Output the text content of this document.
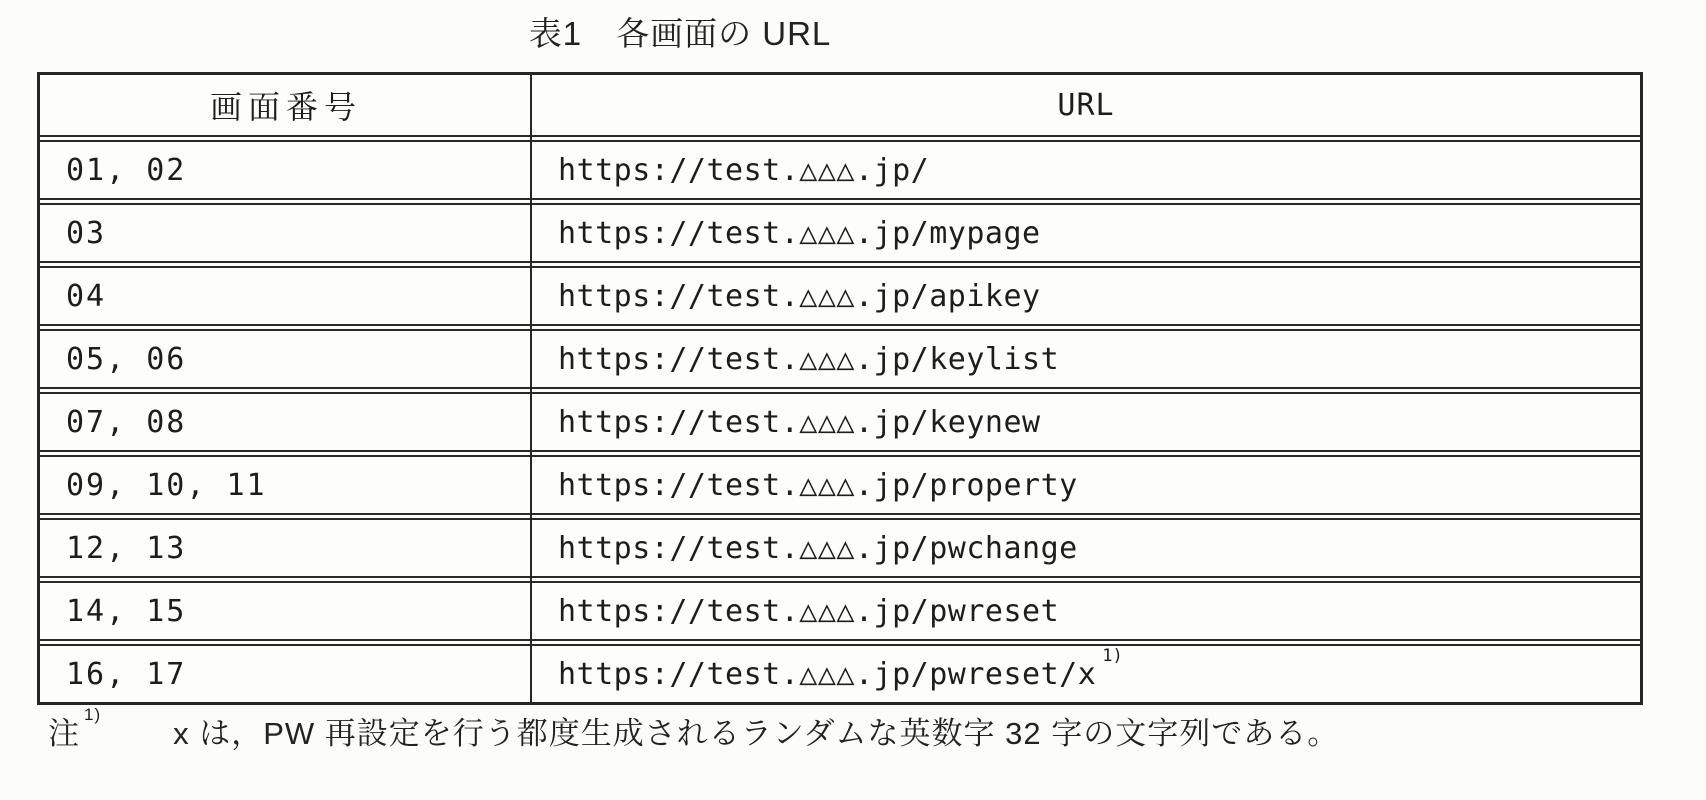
表1　各画面の URL
画面番号	URL
01, 02	https://test.△△△.jp/
03	https://test.△△△.jp/mypage
04	https://test.△△△.jp/apikey
05, 06	https://test.△△△.jp/keylist
07, 08	https://test.△△△.jp/keynew
09, 10, 11	https://test.△△△.jp/property
12, 13	https://test.△△△.jp/pwchange
14, 15	https://test.△△△.jp/pwreset
16, 17	https://test.△△△.jp/pwreset/x$^{1)}$
注$^{1)}$x は，PW 再設定を行う都度生成されるランダムな英数字 32 字の文字列である。
